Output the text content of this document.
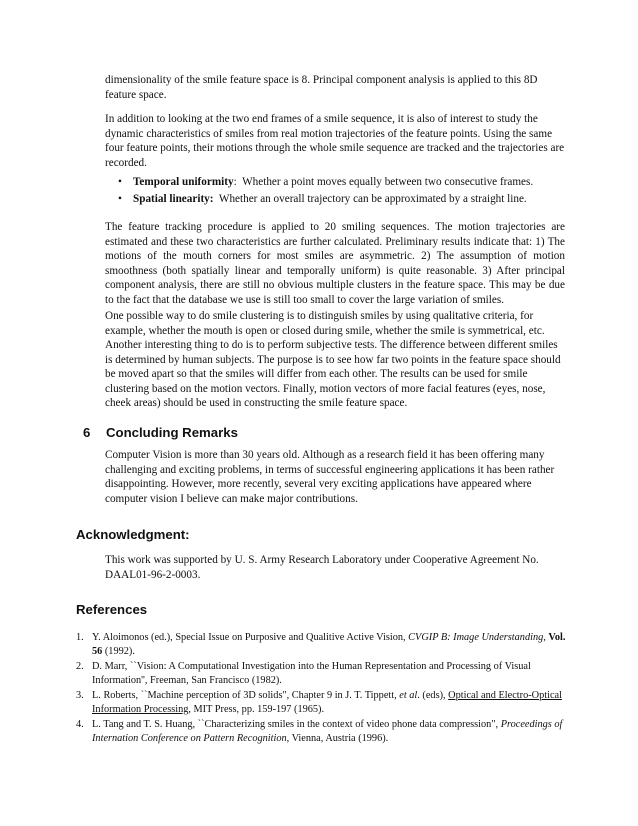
dimensionality of the smile feature space is 8. Principal component analysis is applied to this 8D feature space.
In addition to looking at the two end frames of a smile sequence, it is also of interest to study the dynamic characteristics of smiles from real motion trajectories of the feature points. Using the same four feature points, their motions through the whole smile sequence are tracked and the trajectories are recorded.
• Temporal uniformity:  Whether a point moves equally between two consecutive frames.
• Spatial linearity:  Whether an overall trajectory can be approximated by a straight line.
The feature tracking procedure is applied to 20 smiling sequences. The motion trajectories are estimated and these two characteristics are further calculated. Preliminary results indicate that: 1) The motions of the mouth corners for most smiles are asymmetric. 2) The assumption of motion smoothness (both spatially linear and temporally uniform) is quite reasonable. 3) After principal component analysis, there are still no obvious multiple clusters in the feature space. This may be due to the fact that the database we use is still too small to cover the large variation of smiles.
One possible way to do smile clustering is to distinguish smiles by using qualitative criteria, for example, whether the mouth is open or closed during smile, whether the smile is symmetrical, etc. Another interesting thing to do is to perform subjective tests. The difference between different smiles is determined by human subjects. The purpose is to see how far two points in the feature space should be moved apart so that the smiles will differ from each other. The results can be used for smile clustering based on the motion vectors. Finally, motion vectors of more facial features (eyes, nose, cheek areas) should be used in constructing the smile feature space.
6 Concluding Remarks
Computer Vision is more than 30 years old. Although as a research field it has been offering many challenging and exciting problems, in terms of successful engineering applications it has been rather disappointing. However, more recently, several very exciting applications have appeared where computer vision I believe can make major contributions.
Acknowledgment:
This work was supported by U. S. Army Research Laboratory under Cooperative Agreement No. DAAL01-96-2-0003.
References
1. Y. Aloimonos (ed.), Special Issue on Purposive and Qualitive Active Vision, CVGIP B: Image Understanding, Vol. 56 (1992).
2. D. Marr, ``Vision: A Computational Investigation into the Human Representation and Processing of Visual Information'', Freeman, San Francisco (1982).
3. L. Roberts, ``Machine perception of 3D solids", Chapter 9 in J. T. Tippett, et al. (eds), Optical and Electro-Optical Information Processing, MIT Press, pp. 159-197 (1965).
4. L. Tang and T. S. Huang, ``Characterizing smiles in the context of video phone data compression", Proceedings of Internation Conference on Pattern Recognition, Vienna, Austria (1996).
